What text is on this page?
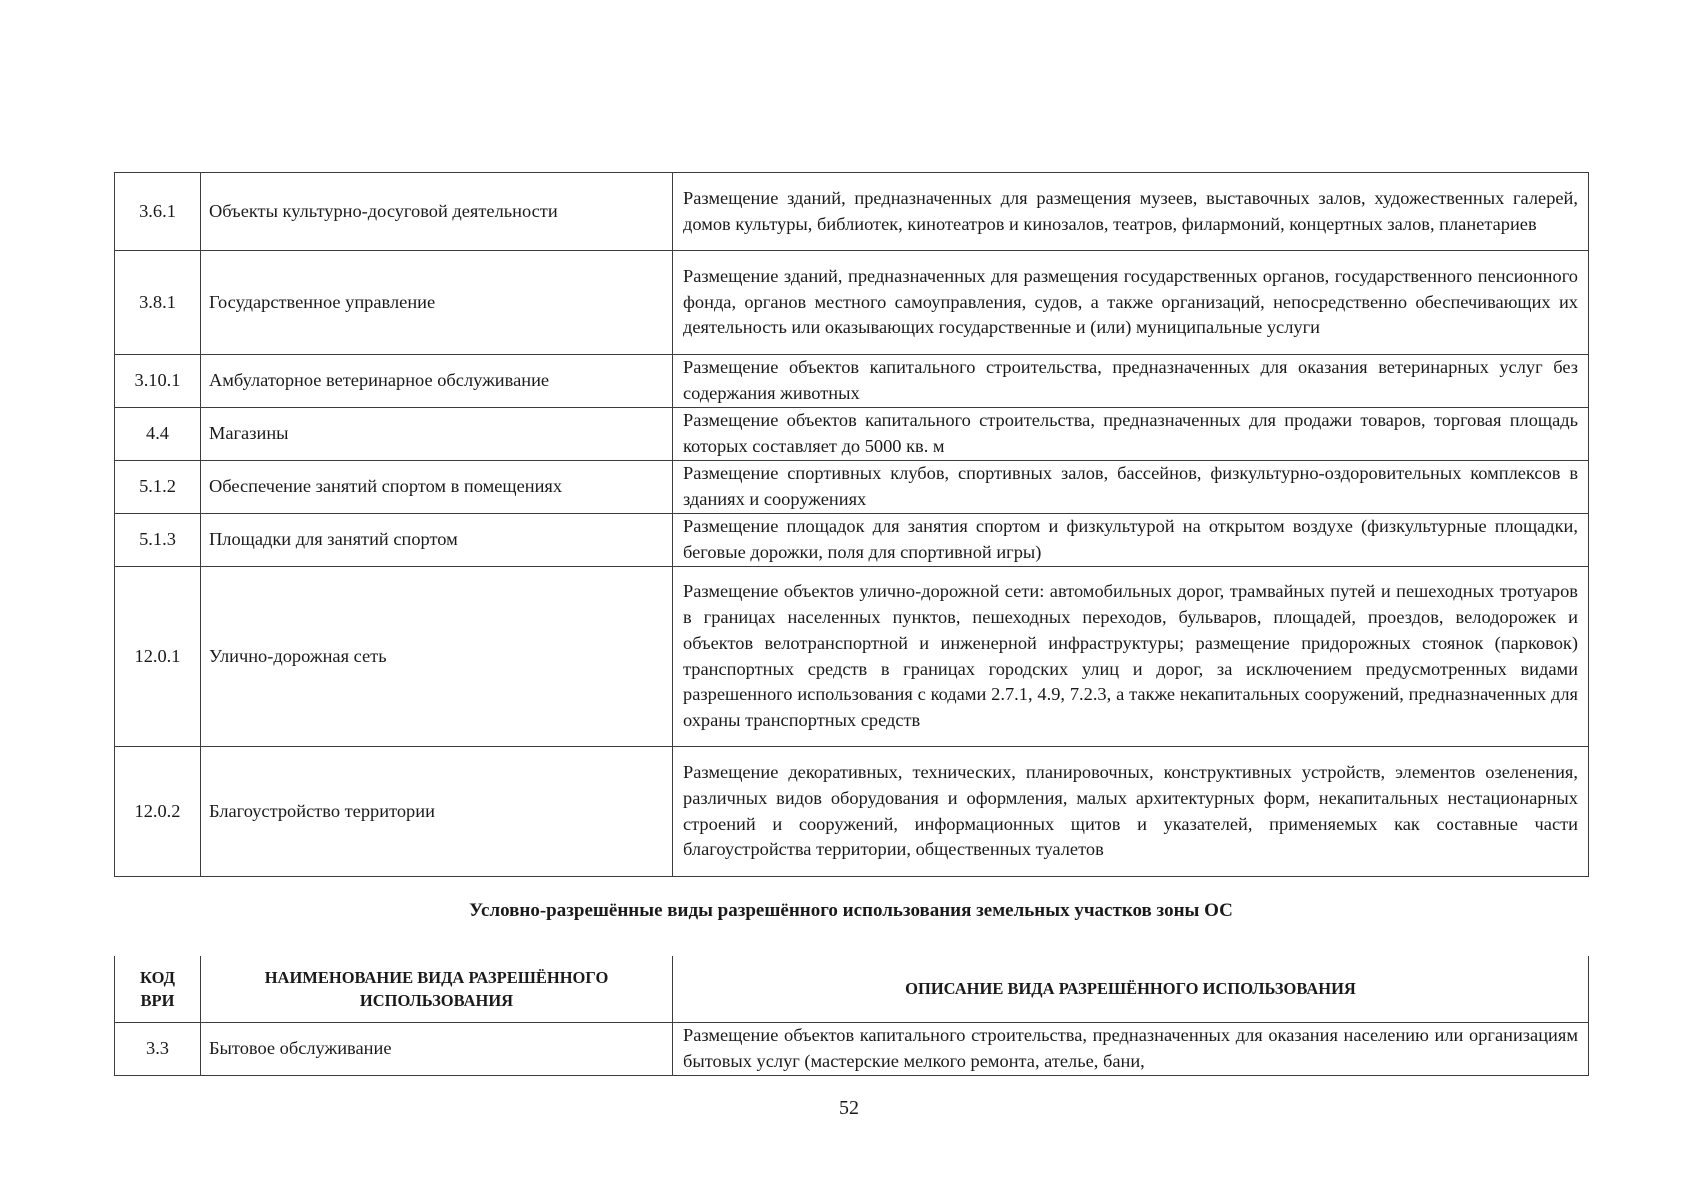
3.6.1	Объекты культурно-досуговой деятельности	Размещение зданий, предназначенных для размещения музеев, выставочных залов, художественных галерей, домов культуры, библиотек, кинотеатров и кинозалов, театров, филармоний, концертных залов, планетариев
3.8.1	Государственное управление	Размещение зданий, предназначенных для размещения государственных органов, государственного пенсионного фонда, органов местного самоуправления, судов, а также организаций, непосредственно обеспечивающих их деятельность или оказывающих государственные и (или) муниципальные услуги
3.10.1	Амбулаторное ветеринарное обслуживание	Размещение объектов капитального строительства, предназначенных для оказания ветеринарных услуг без содержания животных
4.4	Магазины	Размещение объектов капитального строительства, предназначенных для продажи товаров, торговая площадь которых составляет до 5000 кв. м
5.1.2	Обеспечение занятий спортом в помещениях	Размещение спортивных клубов, спортивных залов, бассейнов, физкультурно-оздоровительных комплексов в зданиях и сооружениях
5.1.3	Площадки для занятий спортом	Размещение площадок для занятия спортом и физкультурой на открытом воздухе (физкультурные площадки, беговые дорожки, поля для спортивной игры)
12.0.1	Улично-дорожная сеть	Размещение объектов улично-дорожной сети: автомобильных дорог, трамвайных путей и пешеходных тротуаров в границах населенных пунктов, пешеходных переходов, бульваров, площадей, проездов, велодорожек и объектов велотранспортной и инженерной инфраструктуры; размещение придорожных стоянок (парковок) транспортных средств в границах городских улиц и дорог, за исключением предусмотренных видами разрешенного использования с кодами 2.7.1, 4.9, 7.2.3, а также некапитальных сооружений, предназначенных для охраны транспортных средств
12.0.2	Благоустройство территории	Размещение декоративных, технических, планировочных, конструктивных устройств, элементов озеленения, различных видов оборудования и оформления, малых архитектурных форм, некапитальных нестационарных строений и сооружений, информационных щитов и указателей, применяемых как составные части благоустройства территории, общественных туалетов
Условно-разрешённые виды разрешённого использования земельных участков зоны ОС
КОД ВРИ	НАИМЕНОВАНИЕ ВИДА РАЗРЕШЁННОГО ИСПОЛЬЗОВАНИЯ	ОПИСАНИЕ ВИДА РАЗРЕШЁННОГО ИСПОЛЬЗОВАНИЯ
3.3	Бытовое обслуживание	Размещение объектов капитального строительства, предназначенных для оказания населению или организациям бытовых услуг (мастерские мелкого ремонта, ателье, бани,
52
